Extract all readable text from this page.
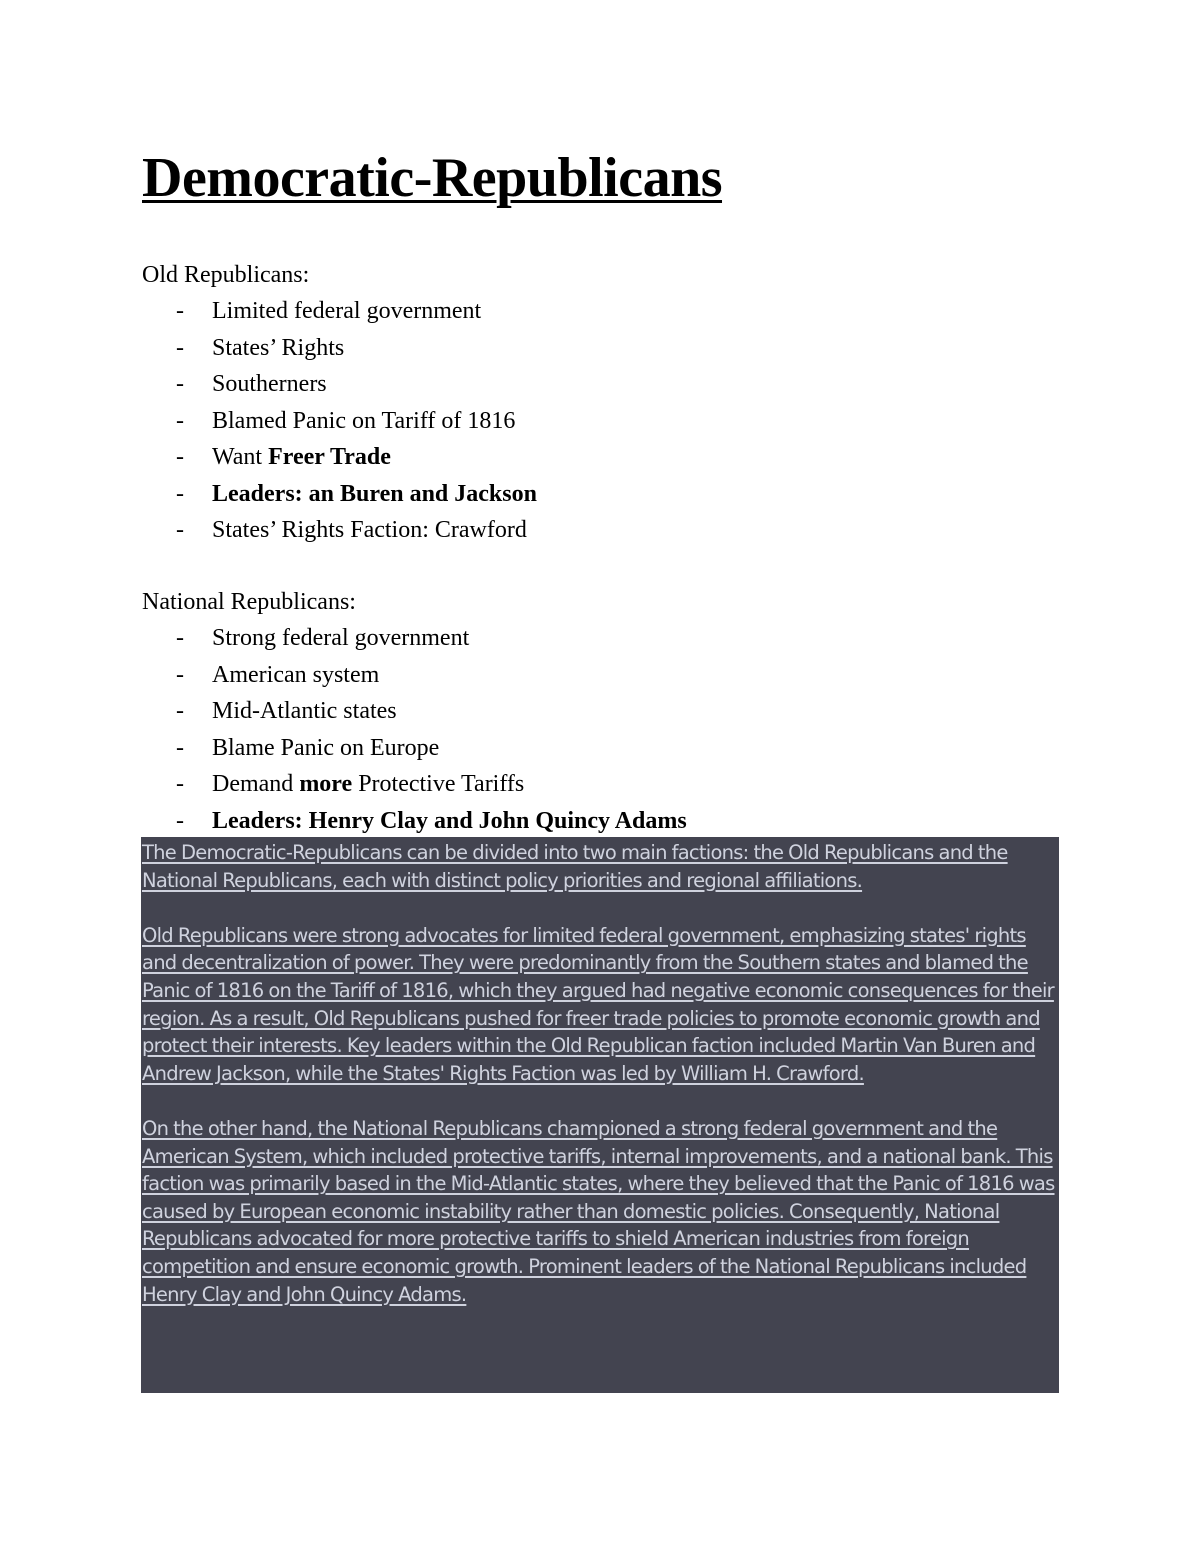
Democratic-Republicans
Old Republicans:
- Limited federal government
- States’ Rights
- Southerners
- Blamed Panic on Tariff of 1816
- Want Freer Trade
- Leaders: an Buren and Jackson
- States’ Rights Faction: Crawford
National Republicans:
- Strong federal government
- American system
- Mid-Atlantic states
- Blame Panic on Europe
- Demand more Protective Tariffs
- Leaders: Henry Clay and John Quincy Adams

The Democratic-Republicans can be divided into two main factions: the Old Republicans and the National Republicans, each with distinct policy priorities and regional affiliations.

Old Republicans were strong advocates for limited federal government, emphasizing states' rights and decentralization of power. They were predominantly from the Southern states and blamed the Panic of 1816 on the Tariff of 1816, which they argued had negative economic consequences for their region. As a result, Old Republicans pushed for freer trade policies to promote economic growth and protect their interests. Key leaders within the Old Republican faction included Martin Van Buren and Andrew Jackson, while the States' Rights Faction was led by William H. Crawford.

On the other hand, the National Republicans championed a strong federal government and the American System, which included protective tariffs, internal improvements, and a national bank. This faction was primarily based in the Mid-Atlantic states, where they believed that the Panic of 1816 was caused by European economic instability rather than domestic policies. Consequently, National Republicans advocated for more protective tariffs to shield American industries from foreign competition and ensure economic growth. Prominent leaders of the National Republicans included Henry Clay and John Quincy Adams.
